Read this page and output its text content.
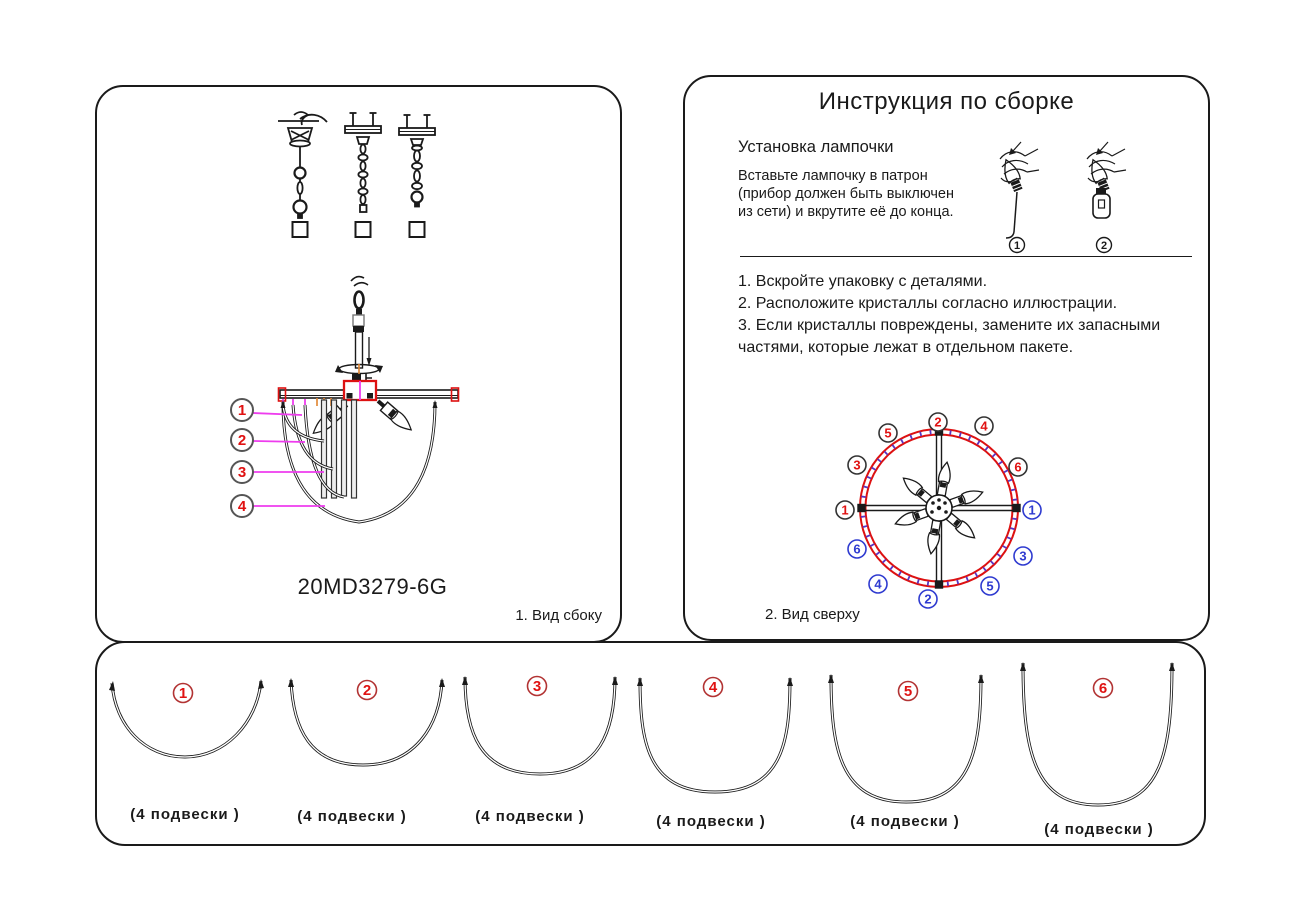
1
2
3
4
20MD3279-6G
1. Вид сбоку
Инструкция по сборке
Установка лампочки
Вставьте лампочку в патрон (прибор должен быть выключен из сети) и вкрутите её до конца.
1	2
1. Вскройте упаковку с деталями.
2. Расположите кристаллы согласно иллюстрации.
3. Если кристаллы повреждены, замените их запасными частями, которые лежат в отдельном пакете.
1
3
5
2	4
6
1
3
5
2
4
6
2. Вид сверху
1	2	3	4	5	6
(4 подвески )	(4 подвески )	(4 подвески )	(4 подвески )	(4 подвески )	(4 подвески )
